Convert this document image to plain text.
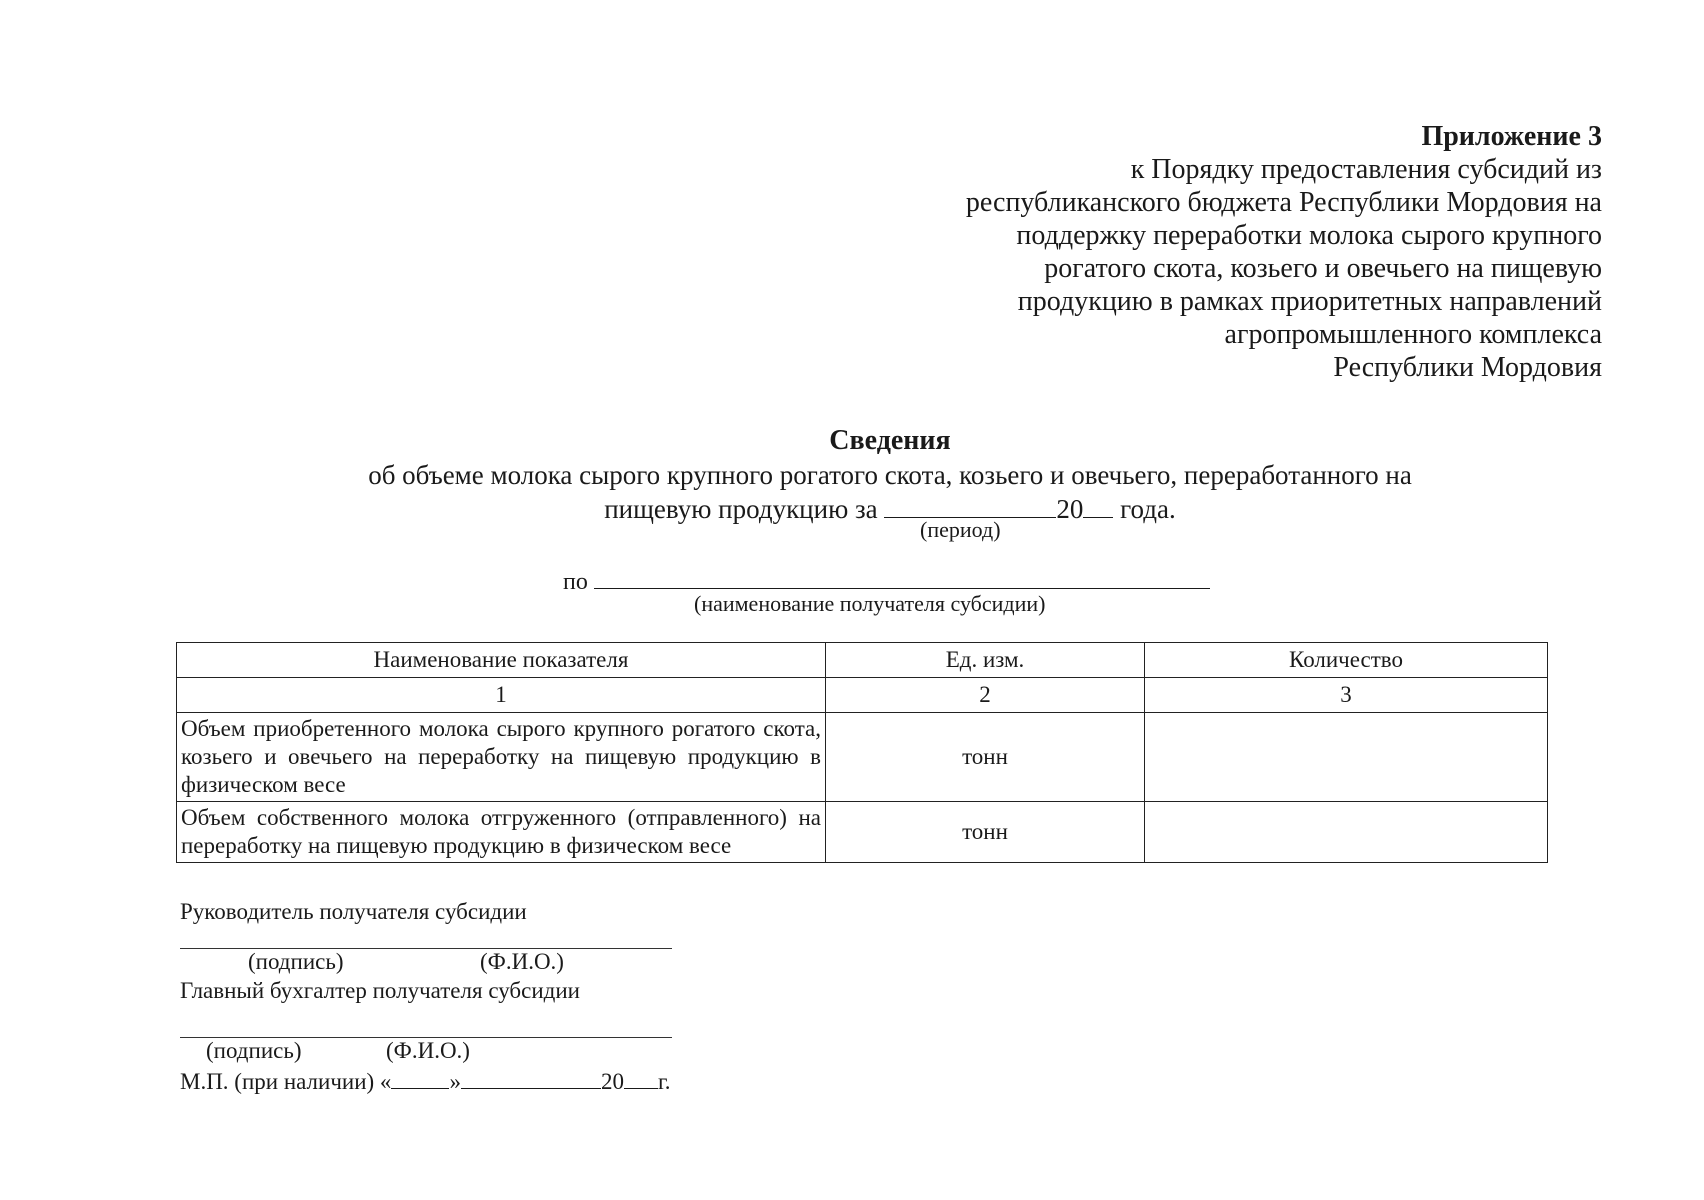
Приложение 3
к Порядку предоставления субсидий из
республиканского бюджета Республики Мордовия на
поддержку переработки молока сырого крупного
рогатого скота, козьего и овечьего на пищевую
продукцию в рамках приоритетных направлений
агропромышленного комплекса
Республики Мордовия
Сведения
об объеме молока сырого крупного рогатого скота, козьего и овечьего, переработанного на
пищевую продукцию за	20 года.
(период)
по
(наименование получателя субсидии)
Наименование показателя	Ед. изм.	Количество
1	2	3
Объем приобретенного молока сырого крупного рогатого скота, козьего и овечьего на переработку на пищевую продукцию в физическом весе	тонн	
Объем собственного молока отгруженного (отправленного) на переработку на пищевую продукцию в физическом весе	тонн	
Руководитель получателя субсидии
(подпись)	(Ф.И.О.)
Главный бухгалтер получателя субсидии
(подпись)	(Ф.И.О.)
М.П. (при наличии) «	»	20 г.
